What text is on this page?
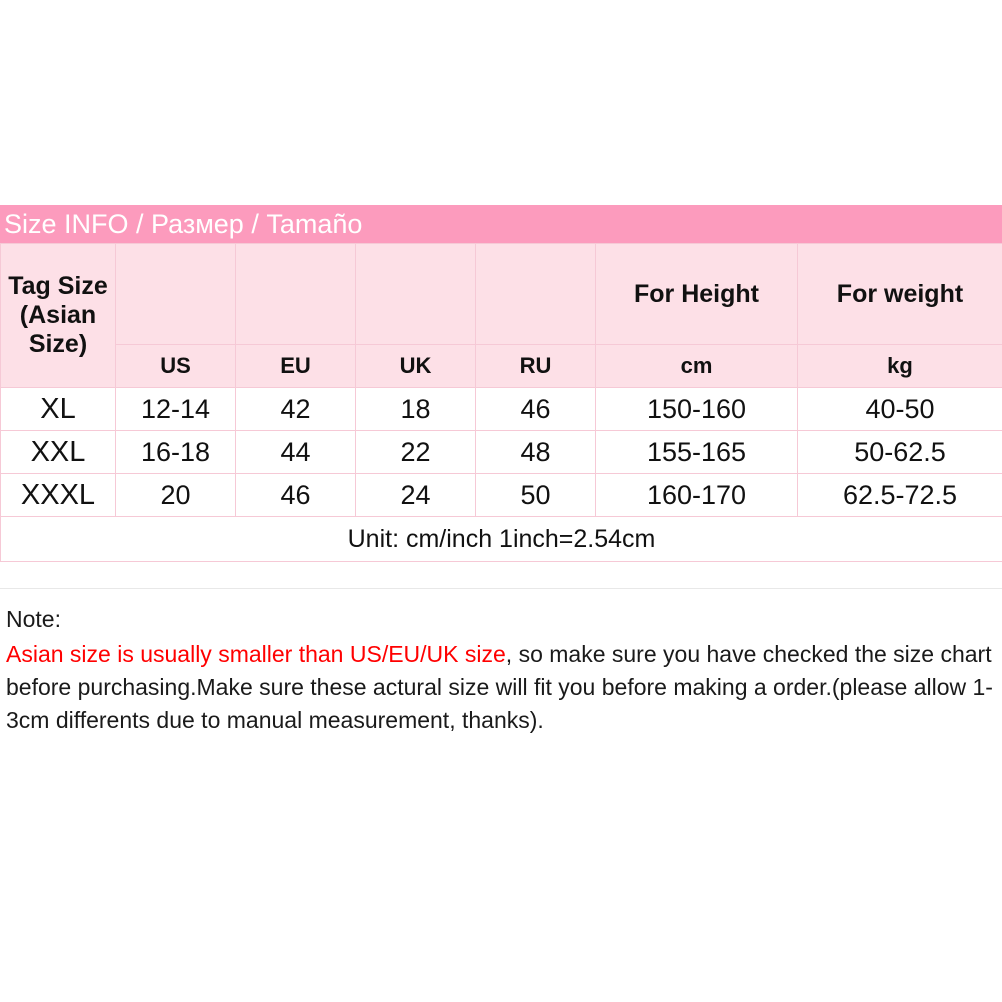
Size INFO / Размер / Tamaño
Tag Size (Asian Size)					For Height	For weight
	US	EU	UK	RU	cm	kg
XL	12-14	42	18	46	150-160	40-50
XXL	16-18	44	22	48	155-165	50-62.5
XXXL	20	46	24	50	160-170	62.5-72.5
Unit: cm/inch 1inch=2.54cm						
Note:
Asian size is usually smaller than US/EU/UK size, so make sure you have checked the size chart before purchasing.Make sure these actural size will fit you before making a order.(please allow 1-3cm differents due to manual measurement, thanks).
